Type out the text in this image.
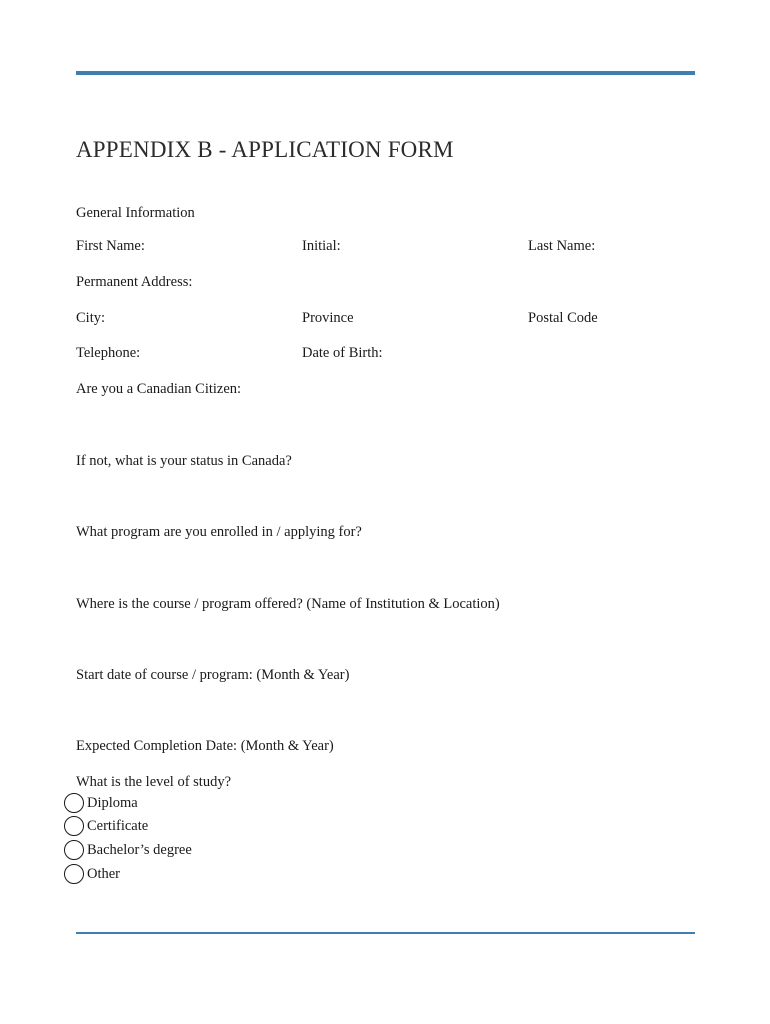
APPENDIX B - APPLICATION FORM
General Information
First Name:	Initial:	Last Name:
Permanent Address:
City:	Province	Postal Code
Telephone:	Date of Birth:
Are you a Canadian Citizen:
If not, what is your status in Canada?
What program are you enrolled in / applying for?
Where is the course / program offered? (Name of Institution & Location)
Start date of course / program: (Month & Year)
Expected Completion Date: (Month & Year)
What is the level of study?
Diploma
Certificate
Bachelor’s degree
Other
